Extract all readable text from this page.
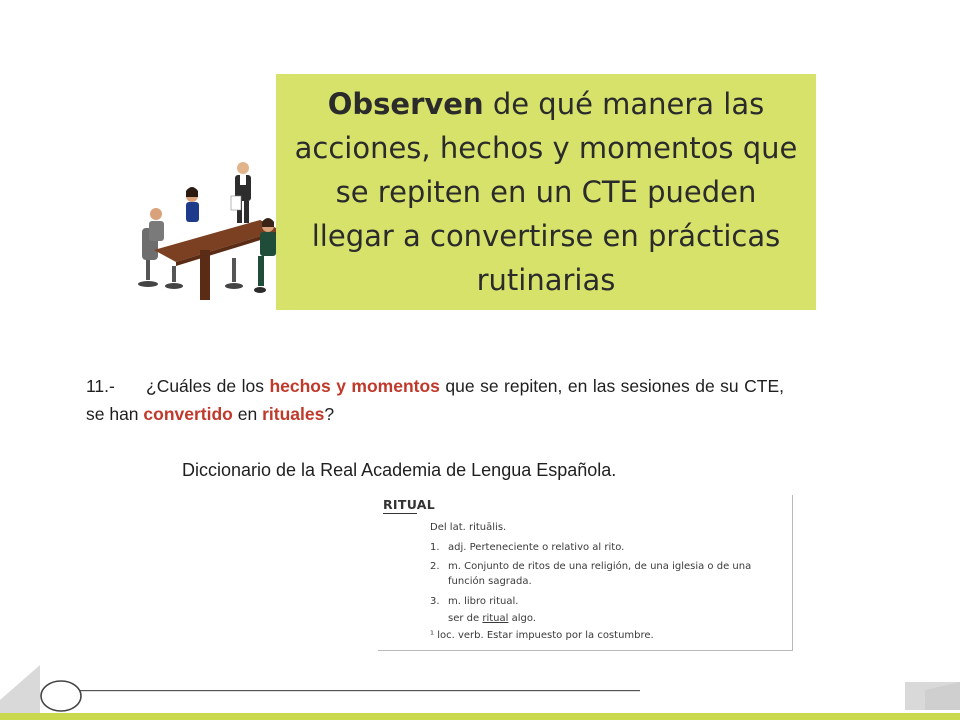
Observen de qué manera las acciones, hechos y momentos que se repiten en un CTE pueden llegar a convertirse en prácticas rutinarias
11.- ¿Cuáles de los hechos y momentos que se repiten, en las sesiones de su CTE, se han convertido en rituales?
Diccionario de la Real Academia de Lengua Española.
RITUAL
Del lat. rituālis.
1. adj. Perteneciente o relativo al rito.
2. m. Conjunto de ritos de una religión, de una iglesia o de una
función sagrada.
3. m. libro ritual.
ser de ritual algo.
¹ loc. verb. Estar impuesto por la costumbre.
